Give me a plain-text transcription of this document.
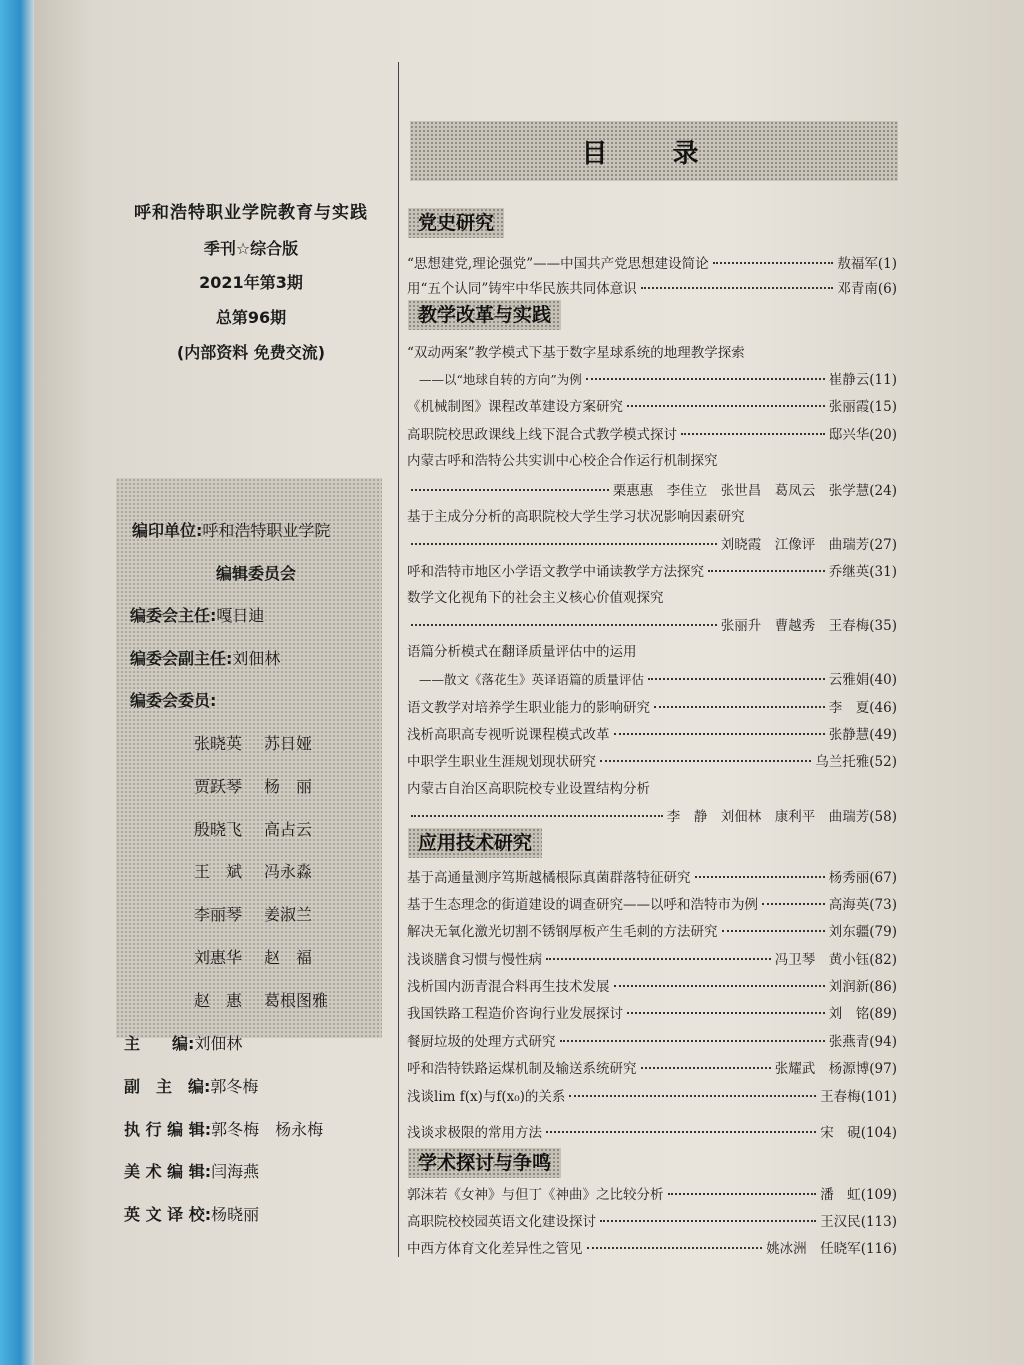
呼和浩特职业学院教育与实践
季刊☆综合版
2021年第3期
总第96期
(内部资料 免费交流)
编印单位:呼和浩特职业学院
编辑委员会
编委会主任:嘎日迪
编委会副主任:刘佃林
编委会委员:
张晓英 苏日娅
贾跃琴 杨　丽
殷晓飞 高占云
王　斌 冯永淼
李丽琴 姜淑兰
刘惠华 赵　福
赵　惠 葛根图雅
主　　编:刘佃林
副　主　编:郭冬梅
执 行 编 辑:郭冬梅　杨永梅
美 术 编 辑:闫海燕
英 文 译 校:杨晓丽
目 录
党史研究
教学改革与实践
应用技术研究
学术探讨与争鸣
“思想建党,理论强党”——中国共产党思想建设简论	敖福军 (1)
用“五个认同”铸牢中华民族共同体意识	邓青南 (6)
“双动两案”教学模式下基于数字星球系统的地理教学探索
——以“地球自转的方向”为例	崔静云 (11)
《机械制图》课程改革建设方案研究	张丽霞 (15)
高职院校思政课线上线下混合式教学模式探讨	邸兴华 (20)
内蒙古呼和浩特公共实训中心校企合作运行机制探究
栗惠惠　李佳立　张世昌　葛凤云　张学慧 (24)
基于主成分分析的高职院校大学生学习状况影响因素研究
刘晓霞　江像评　曲瑞芳 (27)
呼和浩特市地区小学语文教学中诵读教学方法探究	乔继英 (31)
数学文化视角下的社会主义核心价值观探究
张丽升　曹越秀　王春梅 (35)
语篇分析模式在翻译质量评估中的运用
——散文《落花生》英译语篇的质量评估	云雅娟 (40)
语文教学对培养学生职业能力的影响研究	李　夏 (46)
浅析高职高专视听说课程模式改革	张静慧 (49)
中职学生职业生涯规划现状研究	乌兰托雅 (52)
内蒙古自治区高职院校专业设置结构分析
李　静　刘佃林　康利平　曲瑞芳 (58)
基于高通量测序笃斯越橘根际真菌群落特征研究	杨秀丽 (67)
基于生态理念的街道建设的调查研究——以呼和浩特市为例	高海英 (73)
解决无氧化激光切割不锈钢厚板产生毛刺的方法研究	刘东疆 (79)
浅谈膳食习惯与慢性病	冯卫琴　黄小钰 (82)
浅析国内沥青混合料再生技术发展	刘润新 (86)
我国铁路工程造价咨询行业发展探讨	刘　铭 (89)
餐厨垃圾的处理方式研究	张燕青 (94)
呼和浩特铁路运煤机制及输送系统研究	张耀武　杨源博 (97)
浅谈lim f(x)与f(x₀)的关系	王春梅 (101)
浅谈求极限的常用方法	宋　硯 (104)
郭沫若《女神》与但丁《神曲》之比较分析	潘　虹 (109)
高职院校校园英语文化建设探讨	王汉民 (113)
中西方体育文化差异性之管见	姚冰洲　任晓军 (116)
